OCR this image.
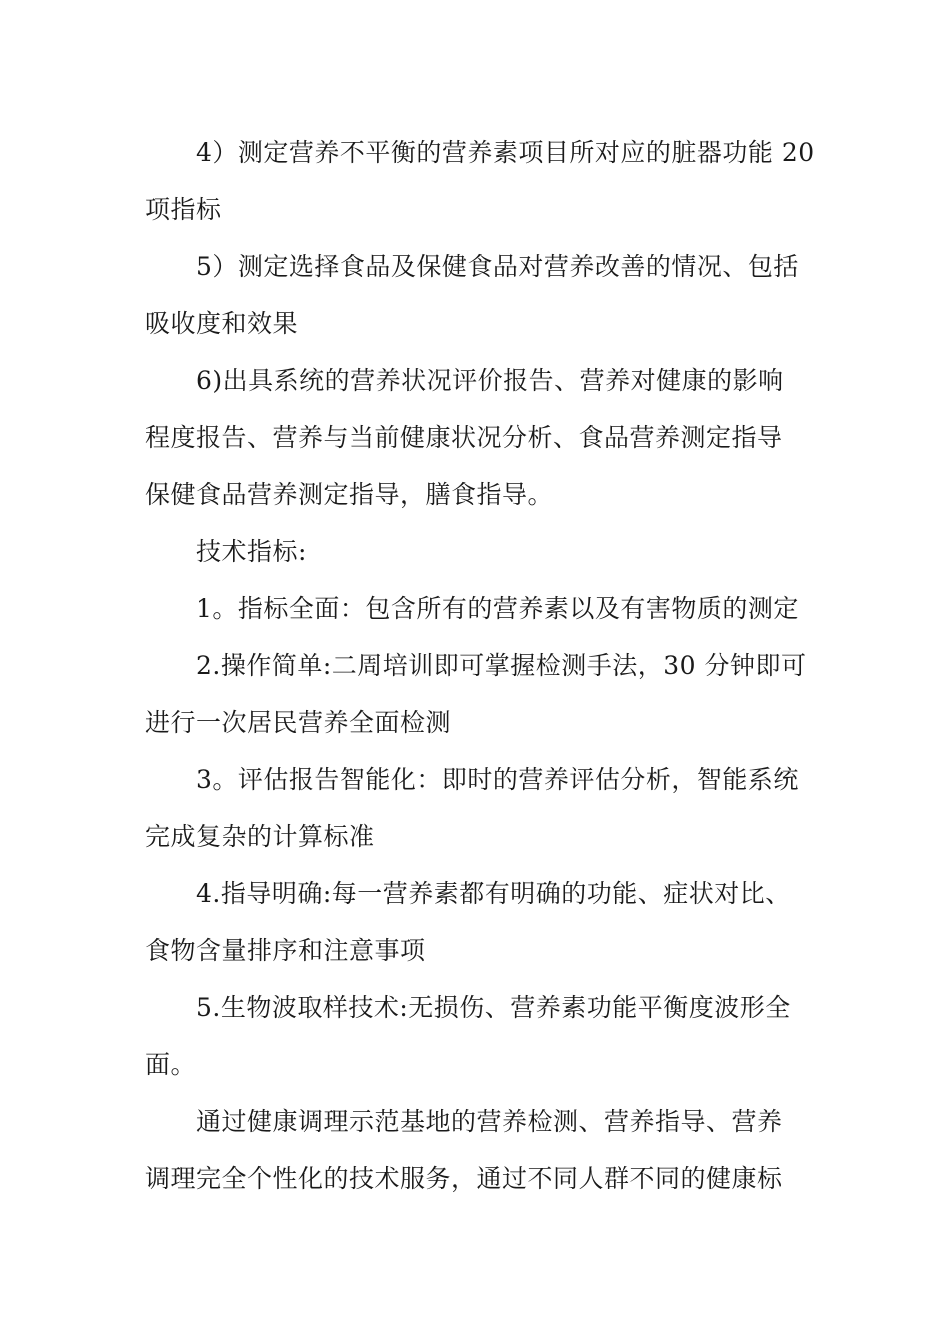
4）测定营养不平衡的营养素项目所对应的脏器功能 20
项指标
5）测定选择食品及保健食品对营养改善的情况、包括
吸收度和效果
6)出具系统的营养状况评价报告、营养对健康的影响
程度报告、营养与当前健康状况分析、食品营养测定指导
保健食品营养测定指导，膳食指导。
技术指标:
1。指标全面：包含所有的营养素以及有害物质的测定
2.操作简单:二周培训即可掌握检测手法，30 分钟即可
进行一次居民营养全面检测
3。评估报告智能化：即时的营养评估分析，智能系统
完成复杂的计算标准
4.指导明确:每一营养素都有明确的功能、症状对比、
食物含量排序和注意事项
5.生物波取样技术:无损伤、营养素功能平衡度波形全
面。
通过健康调理示范基地的营养检测、营养指导、营养
调理完全个性化的技术服务，通过不同人群不同的健康标
